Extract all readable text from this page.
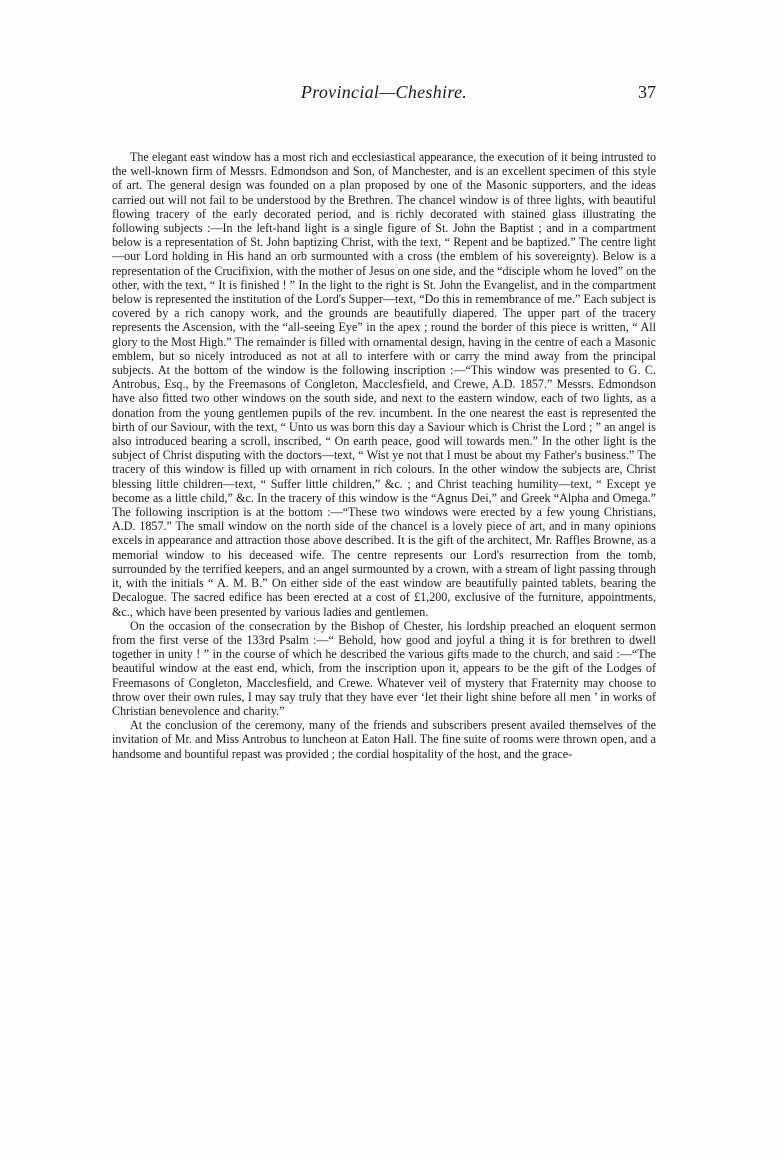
Provincial—Cheshire.	37

The elegant east window has a most rich and ecclesiastical appearance, the execution of it being intrusted to the well-known firm of Messrs. Edmondson and Son, of Manchester, and is an excellent specimen of this style of art. The general design was founded on a plan proposed by one of the Masonic supporters, and the ideas carried out will not fail to be understood by the Brethren. The chancel window is of three lights, with beautiful flowing tracery of the early decorated period, and is richly decorated with stained glass illustrating the following subjects :—In the left-hand light is a single figure of St. John the Baptist ; and in a compartment below is a representation of St. John baptizing Christ, with the text, “ Repent and be baptized.” The centre light—our Lord holding in His hand an orb surmounted with a cross (the emblem of his sovereignty). Below is a representation of the Crucifixion, with the mother of Jesus on one side, and the “disciple whom he loved” on the other, with the text, “ It is finished ! ” In the light to the right is St. John the Evangelist, and in the compartment below is represented the institution of the Lord's Supper—text, “Do this in remembrance of me.” Each subject is covered by a rich canopy work, and the grounds are beautifully diapered. The upper part of the tracery represents the Ascension, with the “all-seeing Eye” in the apex ; round the border of this piece is written, “ All glory to the Most High.” The remainder is filled with ornamental design, having in the centre of each a Masonic emblem, but so nicely introduced as not at all to interfere with or carry the mind away from the principal subjects. At the bottom of the window is the following inscription :—“This window was presented to G. C. Antrobus, Esq., by the Freemasons of Congleton, Macclesfield, and Crewe, A.D. 1857.” Messrs. Edmondson have also fitted two other windows on the south side, and next to the eastern window, each of two lights, as a donation from the young gentlemen pupils of the rev. incumbent. In the one nearest the east is represented the birth of our Saviour, with the text, “ Unto us was born this day a Saviour which is Christ the Lord ; ” an angel is also introduced bearing a scroll, inscribed, “ On earth peace, good will towards men.” In the other light is the subject of Christ disputing with the doctors—text, “ Wist ye not that I must be about my Father's business.” The tracery of this window is filled up with ornament in rich colours. In the other window the subjects are, Christ blessing little children—text, “ Suffer little children,” &c. ; and Christ teaching humility—text, “ Except ye become as a little child,” &c. In the tracery of this window is the “Agnus Dei,” and Greek “Alpha and Omega.” The following inscription is at the bottom :—“These two windows were erected by a few young Christians, A.D. 1857.” The small window on the north side of the chancel is a lovely piece of art, and in many opinions excels in appearance and attraction those above described. It is the gift of the architect, Mr. Raffles Browne, as a memorial window to his deceased wife. The centre represents our Lord's resurrection from the tomb, surrounded by the terrified keepers, and an angel surmounted by a crown, with a stream of light passing through it, with the initials “ A. M. B.” On either side of the east window are beautifully painted tablets, bearing the Decalogue. The sacred edifice has been erected at a cost of £1,200, exclusive of the furniture, appointments, &c., which have been presented by various ladies and gentlemen.

On the occasion of the consecration by the Bishop of Chester, his lordship preached an eloquent sermon from the first verse of the 133rd Psalm :—“ Behold, how good and joyful a thing it is for brethren to dwell together in unity ! ” in the course of which he described the various gifts made to the church, and said :—“The beautiful window at the east end, which, from the inscription upon it, appears to be the gift of the Lodges of Freemasons of Congleton, Macclesfield, and Crewe. Whatever veil of mystery that Fraternity may choose to throw over their own rules, I may say truly that they have ever ‘let their light shine before all men ’ in works of Christian benevolence and charity.”

At the conclusion of the ceremony, many of the friends and subscribers present availed themselves of the invitation of Mr. and Miss Antrobus to luncheon at Eaton Hall. The fine suite of rooms were thrown open, and a handsome and bountiful repast was provided ; the cordial hospitality of the host, and the grace-
